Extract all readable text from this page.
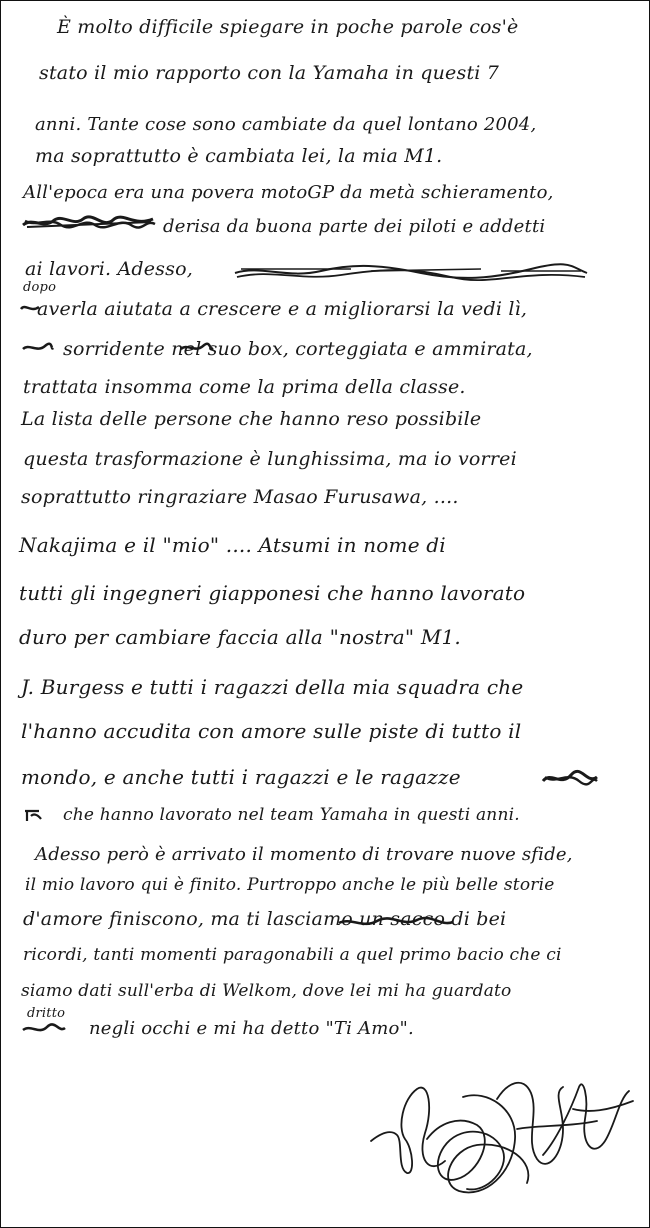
È molto difficile spiegare in poche parole cos'è

stato il mio rapporto con la Yamaha in questi 7

anni. Tante cose sono cambiate da quel lontano 2004,

ma soprattutto è cambiata lei, la mia M1.

All'epoca era una povera motoGP da metà schieramento,

derisa da buona parte dei piloti e addetti

ai lavori. Adesso,

dopo

averla aiutata a crescere e a migliorarsi la vedi lì,

sorridente nel suo box, corteggiata e ammirata,

trattata insomma come la prima della classe.

La lista delle persone che hanno reso possibile

questa trasformazione è lunghissima, ma io vorrei

soprattutto ringraziare Masao Furusawa, ....

Nakajima e il "mio" .... Atsumi in nome di

tutti gli ingegneri giapponesi che hanno lavorato

duro per cambiare faccia alla "nostra" M1.

J. Burgess e tutti i ragazzi della mia squadra che

l'hanno accudita con amore sulle piste di tutto il

mondo, e anche tutti i ragazzi e le ragazze

che hanno lavorato nel team Yamaha in questi anni.

Adesso però è arrivato il momento di trovare nuove sfide,

il mio lavoro qui è finito. Purtroppo anche le più belle storie

d'amore finiscono, ma ti lasciamo un sacco di bei

ricordi, tanti momenti paragonabili a quel primo bacio che ci

siamo dati sull'erba di Welkom, dove lei mi ha guardato

dritto

negli occhi e mi ha detto "Ti Amo".
